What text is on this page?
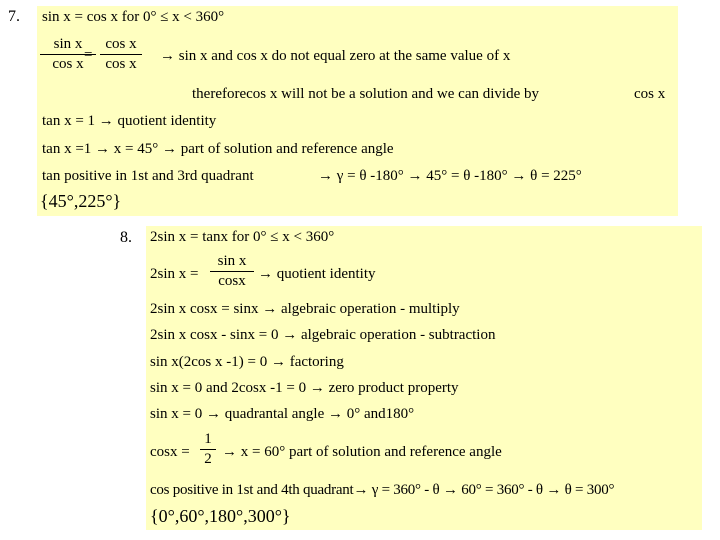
7. sin x = cos x for 0° ≤ x < 360°
sin x
cos x
=
cos x
cos x	→ sin x and cos x do not equal zero at the same value of x
thereforecos x will not be a solution and we can divide by	cos x
tan x = 1 → quotient identity
tan x =1 → x = 45° → part of solution and reference angle
tan positive in 1st and 3rd quadrant	→ γ = θ -180° → 45° = θ -180° → θ = 225°
{45°,225°}
8. 2sin x = tanx for 0° ≤ x < 360°
2sin x =
sin x
cosx → quotient identity
2sin x cosx = sinx → algebraic operation - multiply
2sin x cosx - sinx = 0 → algebraic operation - subtraction
sin x(2cos x -1) = 0 → factoring
sin x = 0 and 2cosx -1 = 0 → zero product property
sin x = 0 → quadrantal angle → 0° and180°
cosx =
1
2 → x = 60° part of solution and reference angle
cos positive in 1st and 4th quadrant→ γ = 360° - θ → 60° = 360° - θ → θ = 300°
{0°,60°,180°,300°}
